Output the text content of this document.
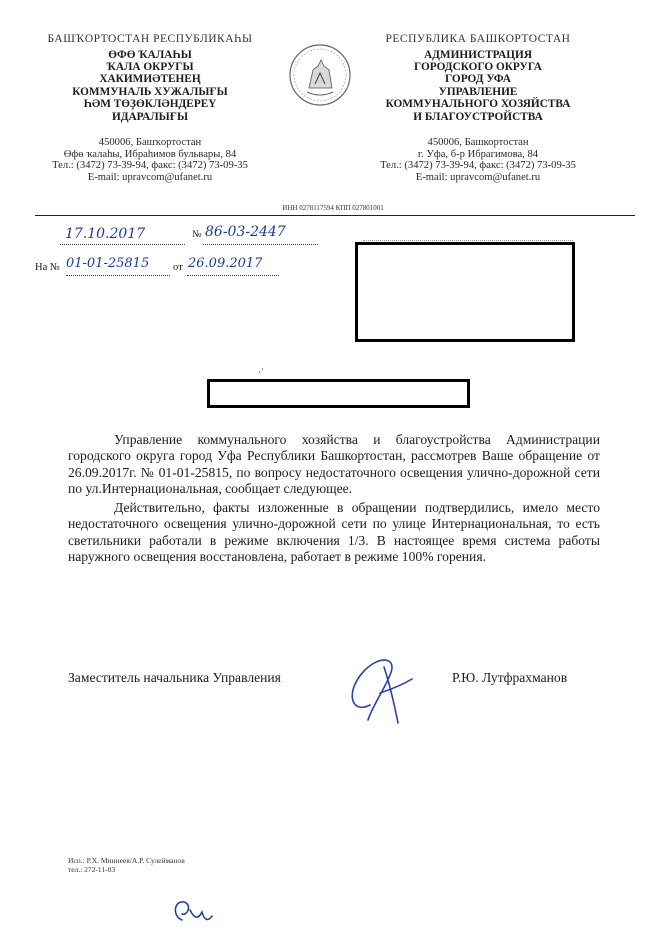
БАШҠОРТОСТАН РЕСПУБЛИКАҺЫ
ӨФӨ ҠАЛАҺЫ
ҠАЛА ОКРУГЫ
ХАКИМИӘТЕНЕҢ
КОММУНАЛЬ ХУЖАЛЫҒЫ
ҺӘМ ТӨҘӨКЛӘНДЕРЕҮ
ИДАРАЛЫҒЫ
450006, Башҡортостан
Өфө ҡалаһы, Ибраһимов бульвары, 84
Тел.: (3472) 73-39-94, факс: (3472) 73-09-35
E-mail: upravcom@ufanet.ru
РЕСПУБЛИКА БАШКОРТОСТАН
АДМИНИСТРАЦИЯ
ГОРОДСКОГО ОКРУГА
ГОРОД УФА
УПРАВЛЕНИЕ
КОММУНАЛЬНОГО ХОЗЯЙСТВА
И БЛАГОУСТРОЙСТВА
450006, Башкортостан
г. Уфа, б-р Ибрагимова, 84
Тел.: (3472) 73-39-94, факс: (3472) 73-09-35
E-mail: upravcom@ufanet.ru
ИНН 0278117594 КПП 027801001
17.10.2017	№ 86-03-2447
На № 01-01-25815 от 26.09.2017
‚·

Управление коммунального хозяйства и благоустройства Администрации городского округа город Уфа Республики Башкортостан, рассмотрев Ваше обращение от 26.09.2017г. № 01-01-25815, по вопросу недостаточного освещения улично-дорожной сети по ул.Интернациональная, сообщает следующее.

Действительно, факты изложенные в обращении подтвердились, имело место недостаточного освещения улично-дорожной сети по улице Интернациональная, то есть светильники работали в режиме включения 1/3. В настоящее время система работы наружного освещения восстановлена, работает в режиме 100% горения.

Заместитель начальника Управления	Р.Ю. Лутфрахманов
Исп.: Р.Х. Миннеев/А.Р. Сулейманов
тел.: 272-11-03
